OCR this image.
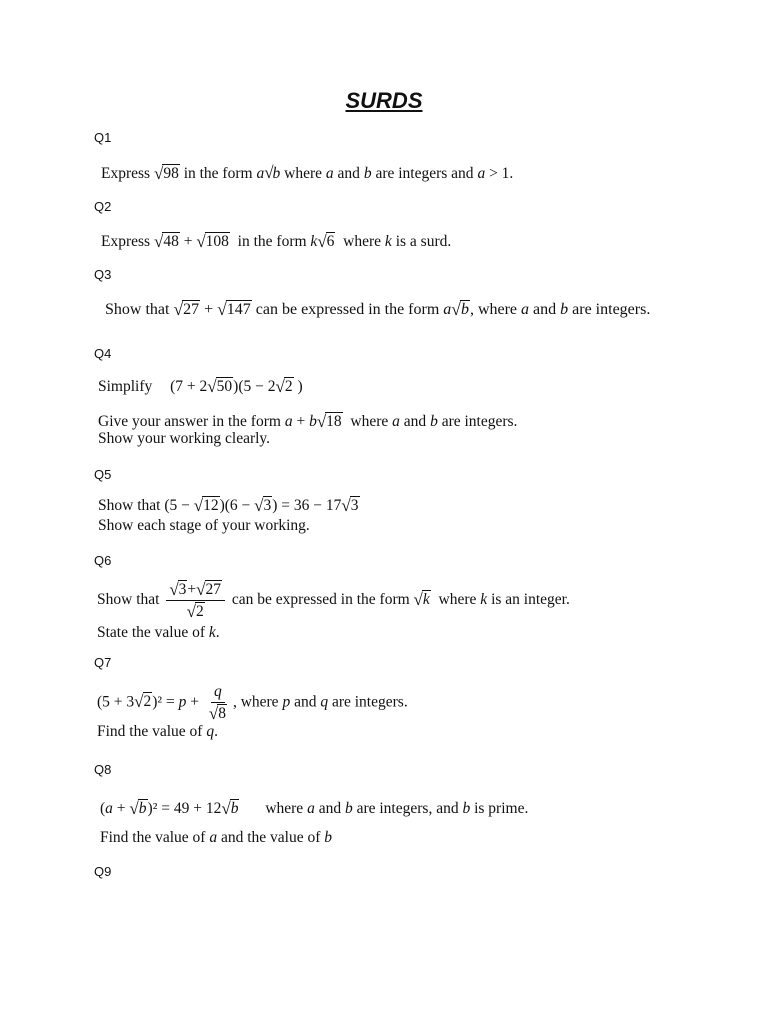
SURDS
Q1
Express √ 98 in the form a√b where a and b are integers and a > 1.
Q2
Express √ 48 + √ 108 in the form k √ 6 where k is a surd.
Q3
Show that √ 27 + √ 147 can be expressed in the form a √ b , where a and b are integers.
Q4
Simplify (7 + 2 √ 50 )(5 − 2 √ 2 )
Give your answer in the form a + b √ 18 where a and b are integers.
Show your working clearly.
Q5
Show that (5 − √ 12 )(6 − √ 3 ) = 36 − 17 √ 3
Show each stage of your working.
Q6
Show that $\frac{√ 3 + √ 27}{√ 2}$ can be expressed in the form √ k where k is an integer.
State the value of k.
Q7
(5 + 3 √ 2 )$^2 = p + \frac{q}{√ 8}$ , where p and q are integers.
Find the value of q.
Q8
(a + √ b )² = 49 + 12 √ b where a and b are integers, and b is prime.
Find the value of a and the value of b
Q9
